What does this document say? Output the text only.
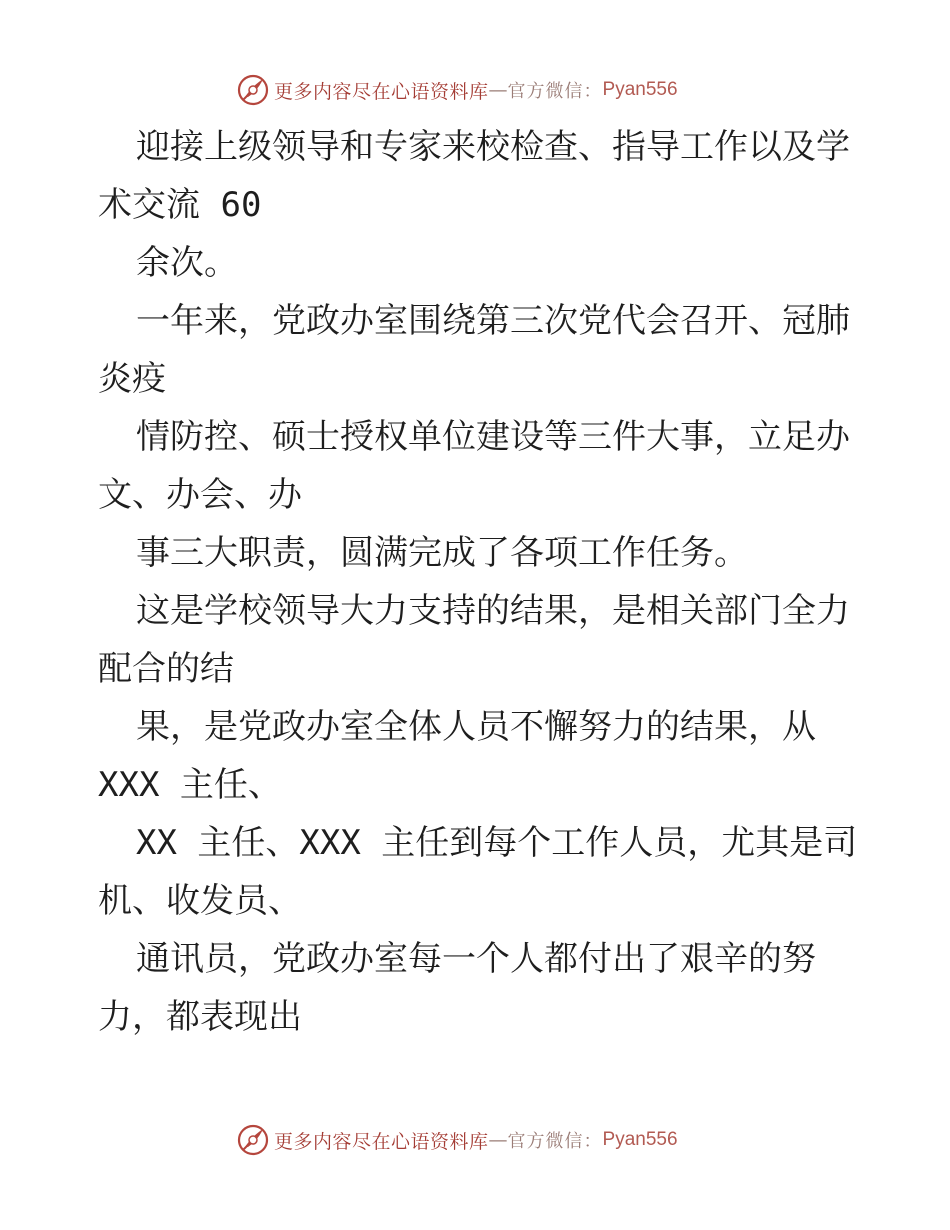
更多内容尽在心语资料库 — 官方微信： Pyan556
迎接上级领导和专家来校检查、指导工作以及学
术交流 60
余次。
一年来，党政办室围绕第三次党代会召开、冠肺
炎疫
情防控、硕士授权单位建设等三件大事，立足办
文、办会、办
事三大职责，圆满完成了各项工作任务。
这是学校领导大力支持的结果，是相关部门全力
配合的结
果，是党政办室全体人员不懈努力的结果，从
XXX 主任、
XX 主任、XXX 主任到每个工作人员，尤其是司
机、收发员、
通讯员，党政办室每一个人都付出了艰辛的努
力，都表现出
更多内容尽在心语资料库 — 官方微信： Pyan556
